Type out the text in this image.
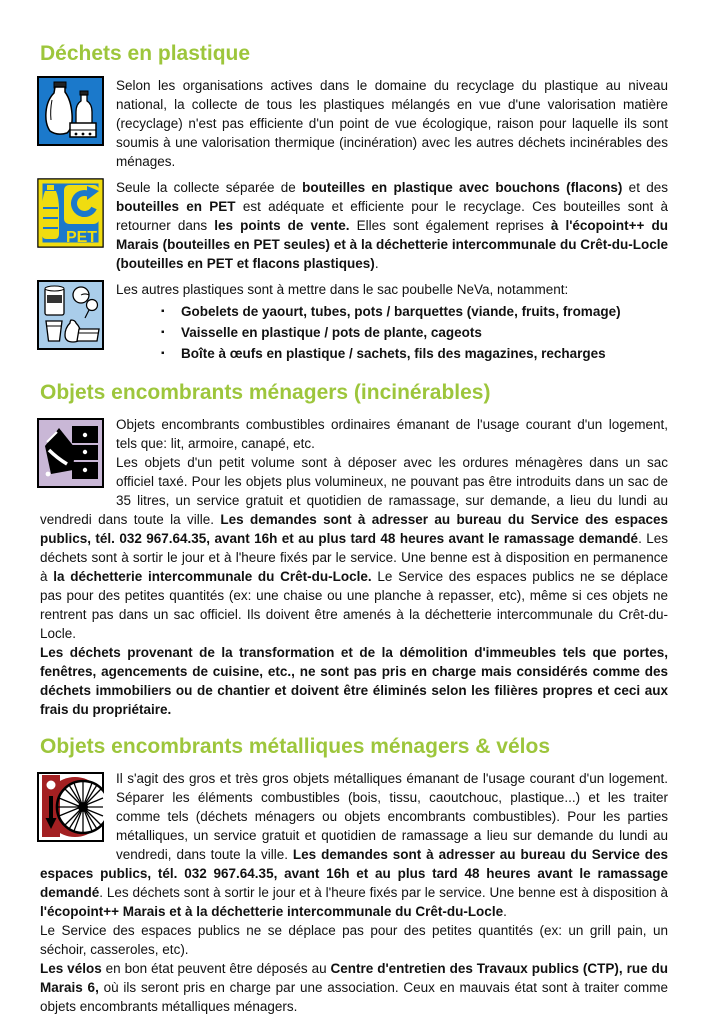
Déchets en plastique

Selon les organisations actives dans le domaine du recyclage du plastique au niveau national, la collecte de tous les plastiques mélangés en vue d'une valorisation matière (recyclage) n'est pas efficiente d'un point de vue écologique, raison pour laquelle ils sont soumis à une valorisation thermique (incinération) avec les autres déchets incinérables des ménages.

PET

Seule la collecte séparée de bouteilles en plastique avec bouchons (flacons) et des bouteilles en PET est adéquate et efficiente pour le recyclage. Ces bouteilles sont à retourner dans les points de vente. Elles sont également reprises à l'écopoint++ du Marais (bouteilles en PET seules) et à la déchetterie intercommunale du Crêt-du-Locle (bouteilles en PET et flacons plastiques).

Les autres plastiques sont à mettre dans le sac poubelle NeVa, notamment:

▪	Gobelets de yaourt, tubes, pots / barquettes (viande, fruits, fromage)
▪	Vaisselle en plastique / pots de plante, cageots
▪	Boîte à œufs en plastique / sachets, fils des magazines, recharges
Objets encombrants ménagers (incinérables)

Objets encombrants combustibles ordinaires émanant de l'usage courant d'un logement, tels que: lit, armoire, canapé, etc.

Les objets d'un petit volume sont à déposer avec les ordures ménagères dans un sac officiel taxé. Pour les objets plus volumineux, ne pouvant pas être introduits dans un sac de 35 litres, un service gratuit et quotidien de ramassage, sur demande, a lieu du lundi au vendredi dans toute la ville. Les demandes sont à adresser au bureau du Service des espaces publics, tél. 032 967.64.35, avant 16h et au plus tard 48 heures avant le ramassage demandé. Les déchets sont à sortir le jour et à l'heure fixés par le service. Une benne est à disposition en permanence à la déchetterie intercommunale du Crêt-du-Locle. Le Service des espaces publics ne se déplace pas pour des petites quantités (ex: une chaise ou une planche à repasser, etc), même si ces objets ne rentrent pas dans un sac officiel. Ils doivent être amenés à la déchetterie intercommunale du Crêt-du-Locle.

Les déchets provenant de la transformation et de la démolition d'immeubles tels que portes, fenêtres, agencements de cuisine, etc., ne sont pas pris en charge mais considérés comme des déchets immobiliers ou de chantier et doivent être éliminés selon les filières propres et ceci aux frais du propriétaire.

Objets encombrants métalliques ménagers & vélos

Il s'agit des gros et très gros objets métalliques émanant de l'usage courant d'un logement. Séparer les éléments combustibles (bois, tissu, caoutchouc, plastique...) et les traiter comme tels (déchets ménagers ou objets encombrants combustibles). Pour les parties métalliques, un service gratuit et quotidien de ramassage a lieu sur demande du lundi au vendredi, dans toute la ville. Les demandes sont à adresser au bureau du Service des espaces publics, tél. 032 967.64.35, avant 16h et au plus tard 48 heures avant le ramassage demandé. Les déchets sont à sortir le jour et à l'heure fixés par le service. Une benne est à disposition à l'écopoint++ Marais et à la déchetterie intercommunale du Crêt-du-Locle.

Le Service des espaces publics ne se déplace pas pour des petites quantités (ex: un grill pain, un séchoir, casseroles, etc).

Les vélos en bon état peuvent être déposés au Centre d'entretien des Travaux publics (CTP), rue du Marais 6, où ils seront pris en charge par une association. Ceux en mauvais état sont à traiter comme objets encombrants métalliques ménagers.
